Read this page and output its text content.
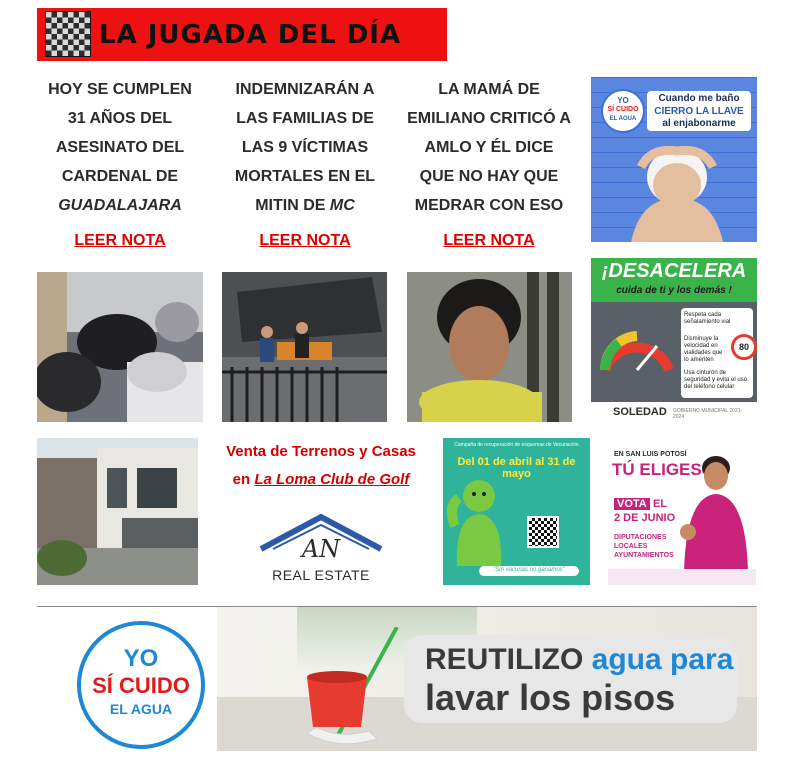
LA JUGADA DEL DÍA
HOY SE CUMPLEN
31 AÑOS DEL
ASESINATO DEL
CARDENAL DE
GUADALAJARA
LEER NOTA
INDEMNIZARÁN A
LAS FAMILIAS DE
LAS 9 VÍCTIMAS
MORTALES EN EL
MITIN DE MC
LEER NOTA
LA MAMÁ DE
EMILIANO CRITICÓ A
AMLO Y ÉL DICE
QUE NO HAY QUE
MEDRAR CON ESO
LEER NOTA
Venta de Terrenos y Casas
en La Loma Club de Golf
AN
REAL ESTATE
YO
SÍ CUIDO
EL AGUA
Cuando me baño
CIERRO LA LLAVE
al enjabonarme
¡DESACELERA
cuida de ti y los demás !
Respeta cada señalamiento vial
80
Disminuye la velocidad en vialidades que lo ameriten
Usa cinturón de seguridad y evita el uso del teléfono celular
SOLEDAD GOBIERNO MUNICIPAL 2021-2024
Campaña de recuperación de esquemas de Vacunación
Del 01 de abril al 31 de mayo
"Sin vacunas no ganamos"
EN SAN LUIS POTOSÍ
TÚ ELIGES
VOTA EL
2 DE JUNIO
DIPUTACIONES
LOCALES
AYUNTAMIENTOS
YO
SÍ CUIDO
EL AGUA
REUTILIZO agua para
lavar los pisos
